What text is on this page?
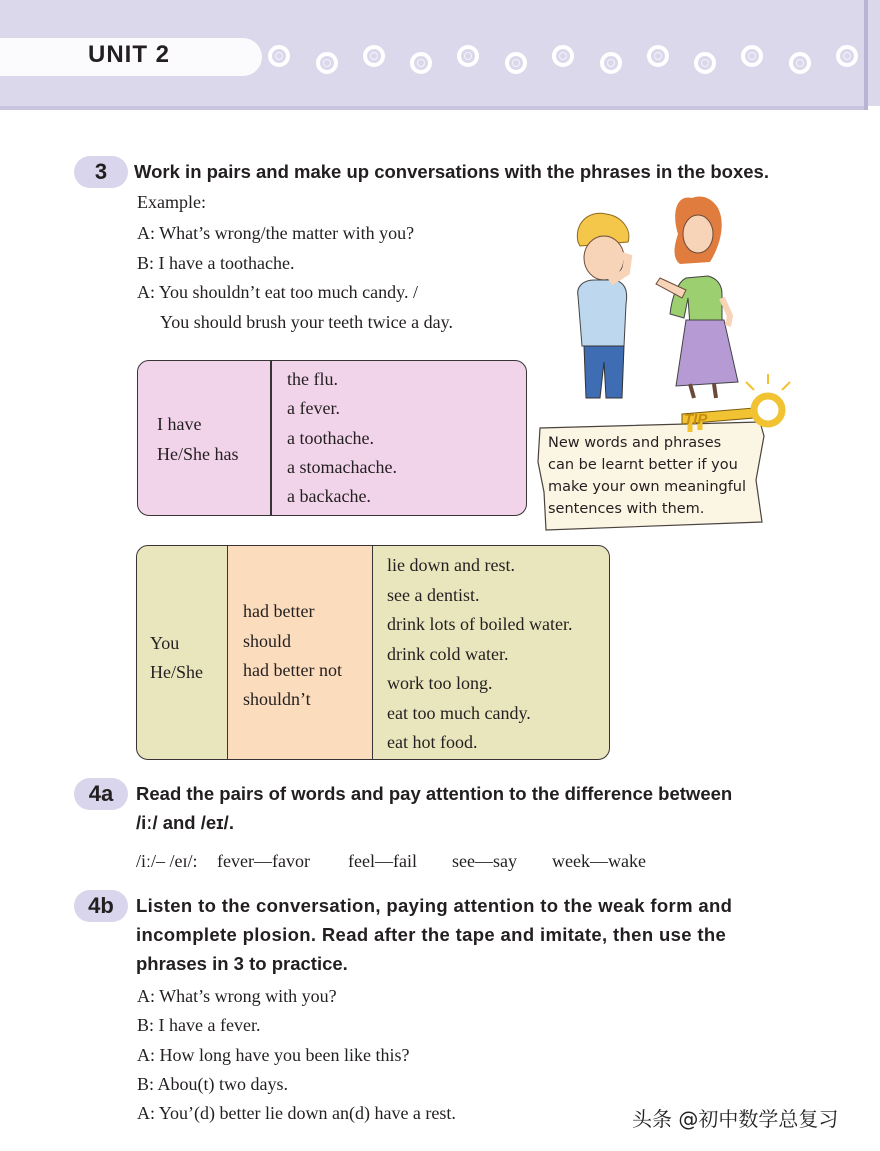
UNIT 2
3	Work in pairs and make up conversations with the phrases in the boxes.
Example:
A: What’s wrong/the matter with you?
B: I have a toothache.
A: You shouldn’t eat too much candy. /
You should brush your teeth twice a day.
I have
He/She has
the flu.
a fever.
a toothache.
a stomachache.
a backache.
TIP
New words and phrases
can be learnt better if you
make your own meaningful
sentences with them.
You
He/She
had better
should
had better not
shouldn’t
lie down and rest.
see a dentist.
drink lots of boiled water.
drink cold water.
work too long.
eat too much candy.
eat hot food.
4a	Read the pairs of words and pay attention to the difference between
/iː/ and /eɪ/.
/iː/– /eɪ/: fever—favor feel—fail see—say week—wake
4b	Listen to the conversation, paying attention to the weak form and
incomplete plosion. Read after the tape and imitate, then use the
phrases in 3 to practice.
A: What’s wrong with you?
B: I have a fever.
A: How long have you been like this?
B: Abou(t) two days.
A: You’(d) better lie down an(d) have a rest.	头条 @初中数学总复习
